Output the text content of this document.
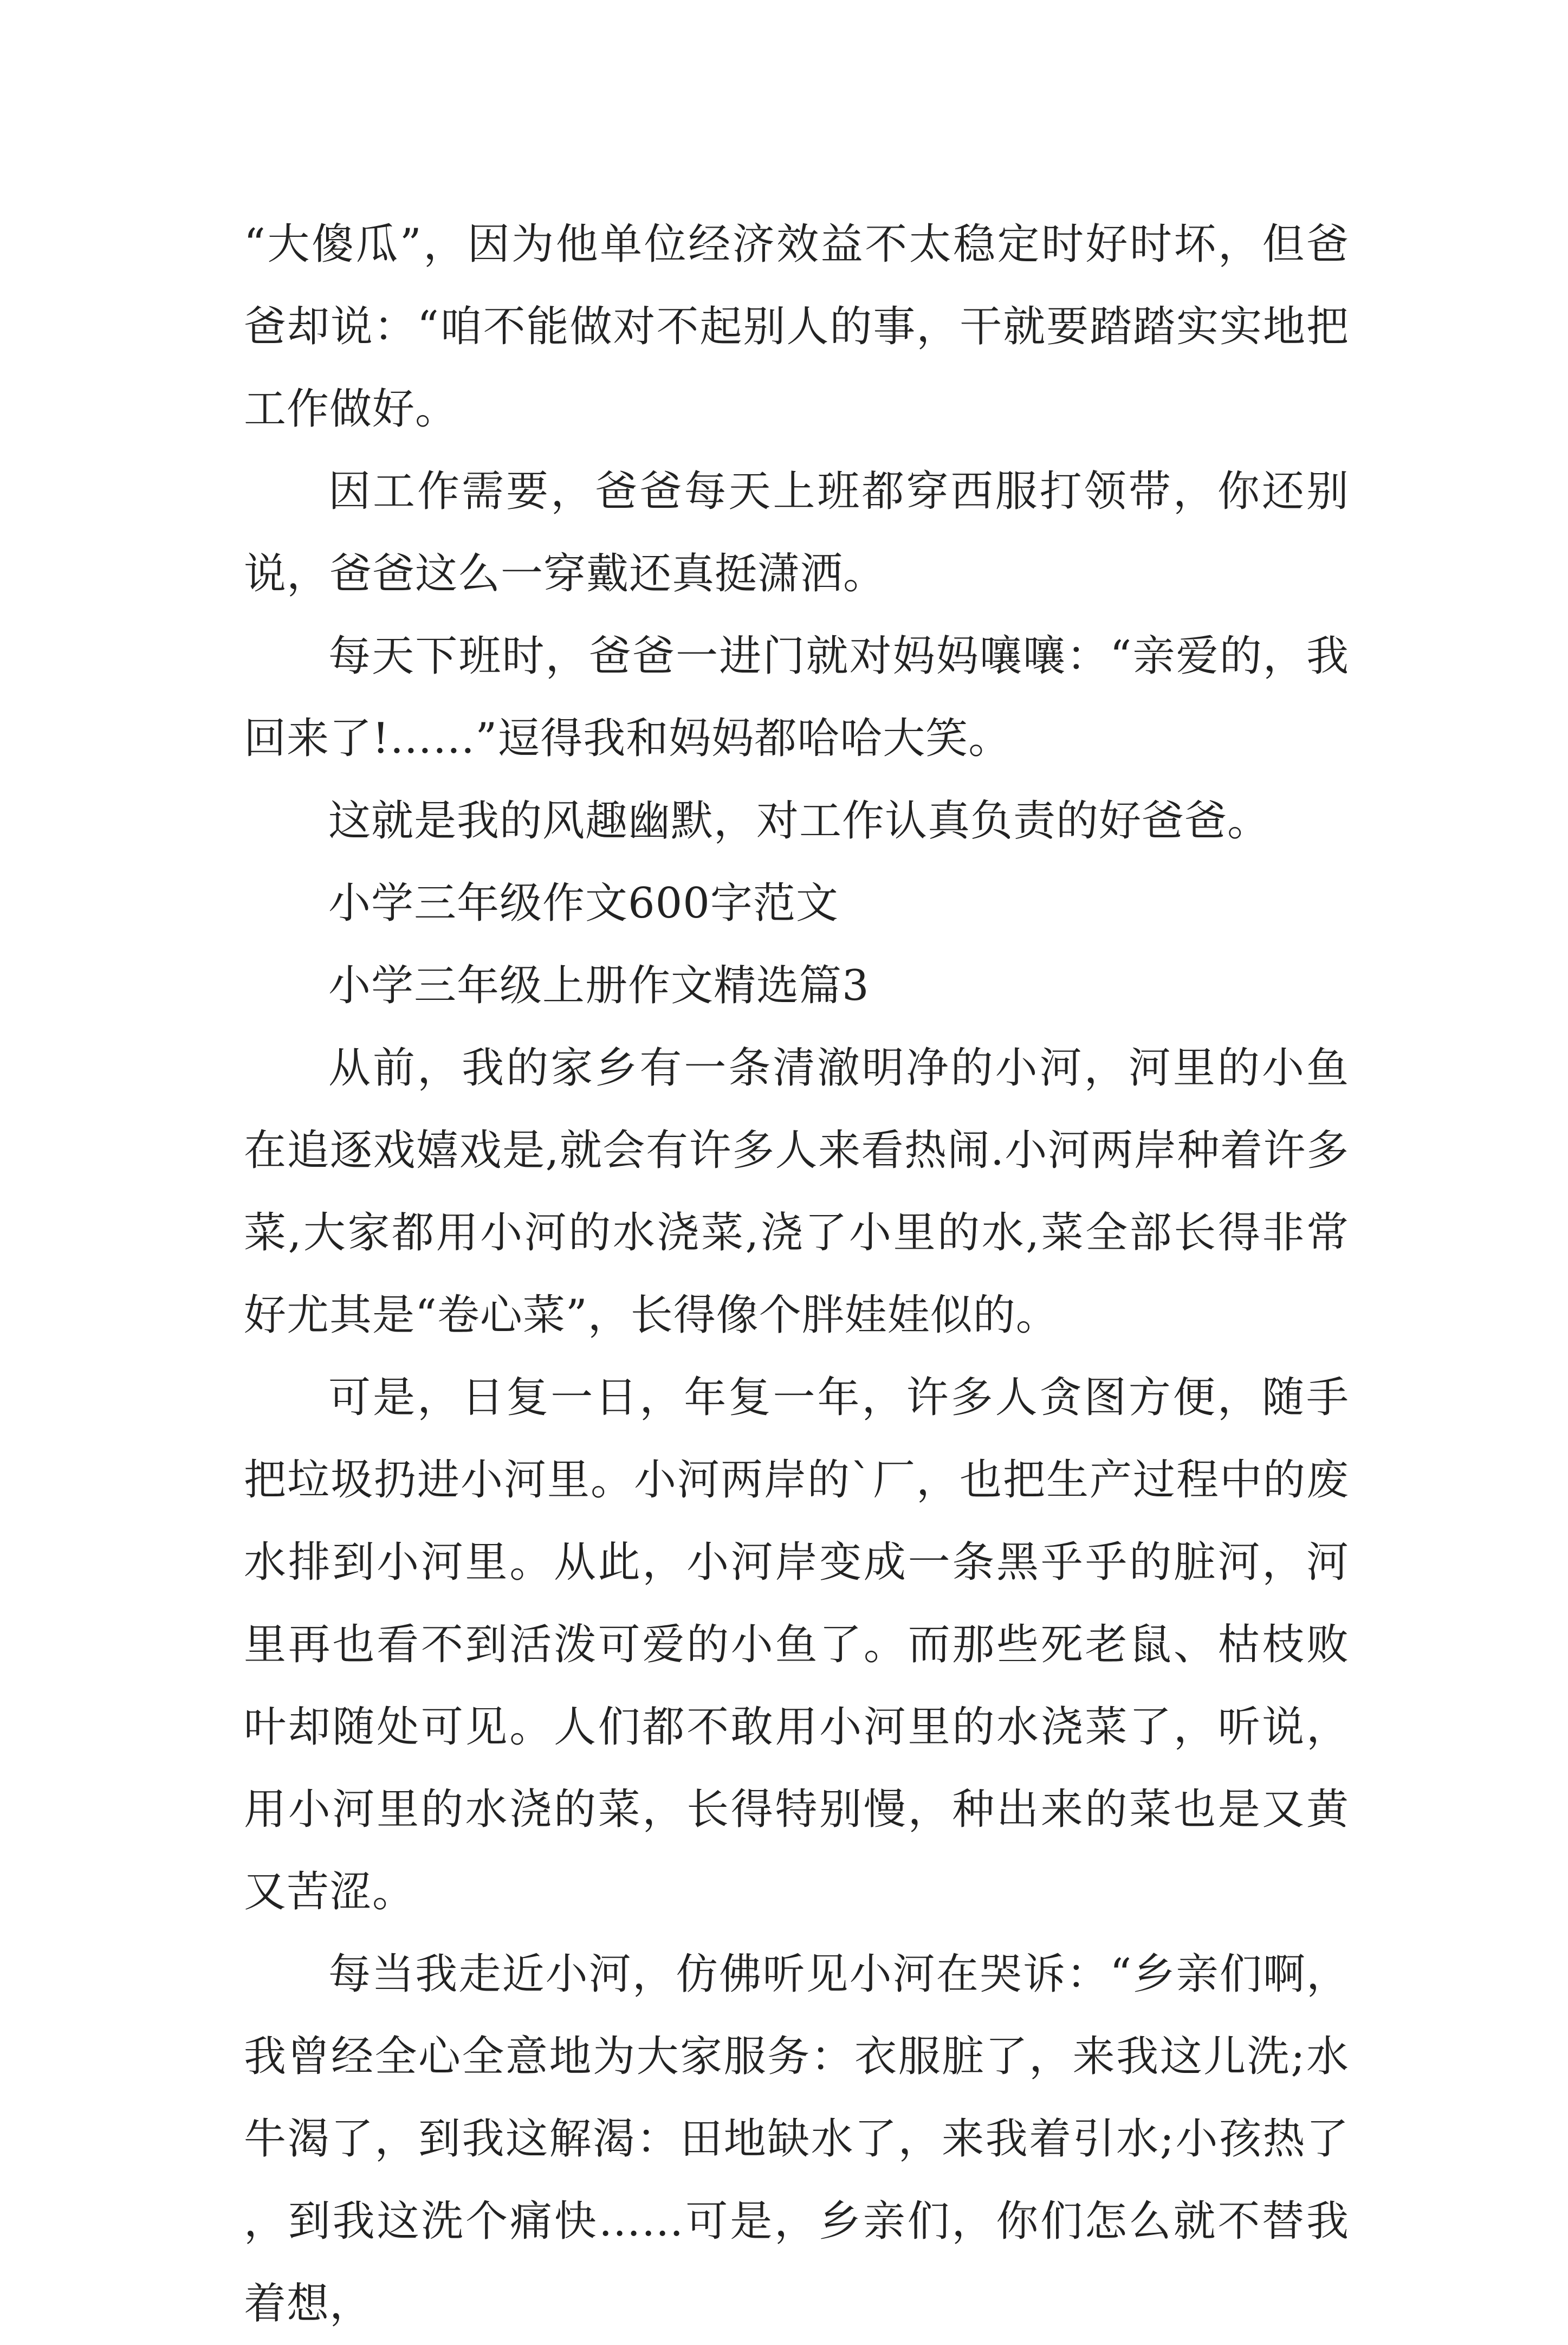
“大傻瓜”，因为他单位经济效益不太稳定时好时坏，但爸爸却说：“咱不能做对不起别人的事，干就要踏踏实实地把工作做好。

因工作需要，爸爸每天上班都穿西服打领带，你还别说，爸爸这么一穿戴还真挺潇洒。

每天下班时，爸爸一进门就对妈妈嚷嚷：“亲爱的，我回来了!……”逗得我和妈妈都哈哈大笑。

这就是我的风趣幽默，对工作认真负责的好爸爸。

小学三年级作文600字范文

小学三年级上册作文精选篇3

从前，我的家乡有一条清澈明净的小河，河里的小鱼在追逐戏嬉戏是,就会有许多人来看热闹.小河两岸种着许多菜,大家都用小河的水浇菜,浇了小里的水,菜全部长得非常好尤其是“卷心菜”，长得像个胖娃娃似的。

可是，日复一日，年复一年，许多人贪图方便，随手把垃圾扔进小河里。小河两岸的`厂，也把生产过程中的废水排到小河里。从此，小河岸变成一条黑乎乎的脏河，河里再也看不到活泼可爱的小鱼了。而那些死老鼠、枯枝败叶却随处可见。人们都不敢用小河里的水浇菜了，听说，用小河里的水浇的菜，长得特别慢，种出来的菜也是又黄又苦涩。

每当我走近小河，仿佛听见小河在哭诉：“乡亲们啊，我曾经全心全意地为大家服务：衣服脏了，来我这儿洗;水牛渴了，到我这解渴：田地缺水了，来我着引水;小孩热了，到我这洗个痛快……可是，乡亲们，你们怎么就不替我着想，
